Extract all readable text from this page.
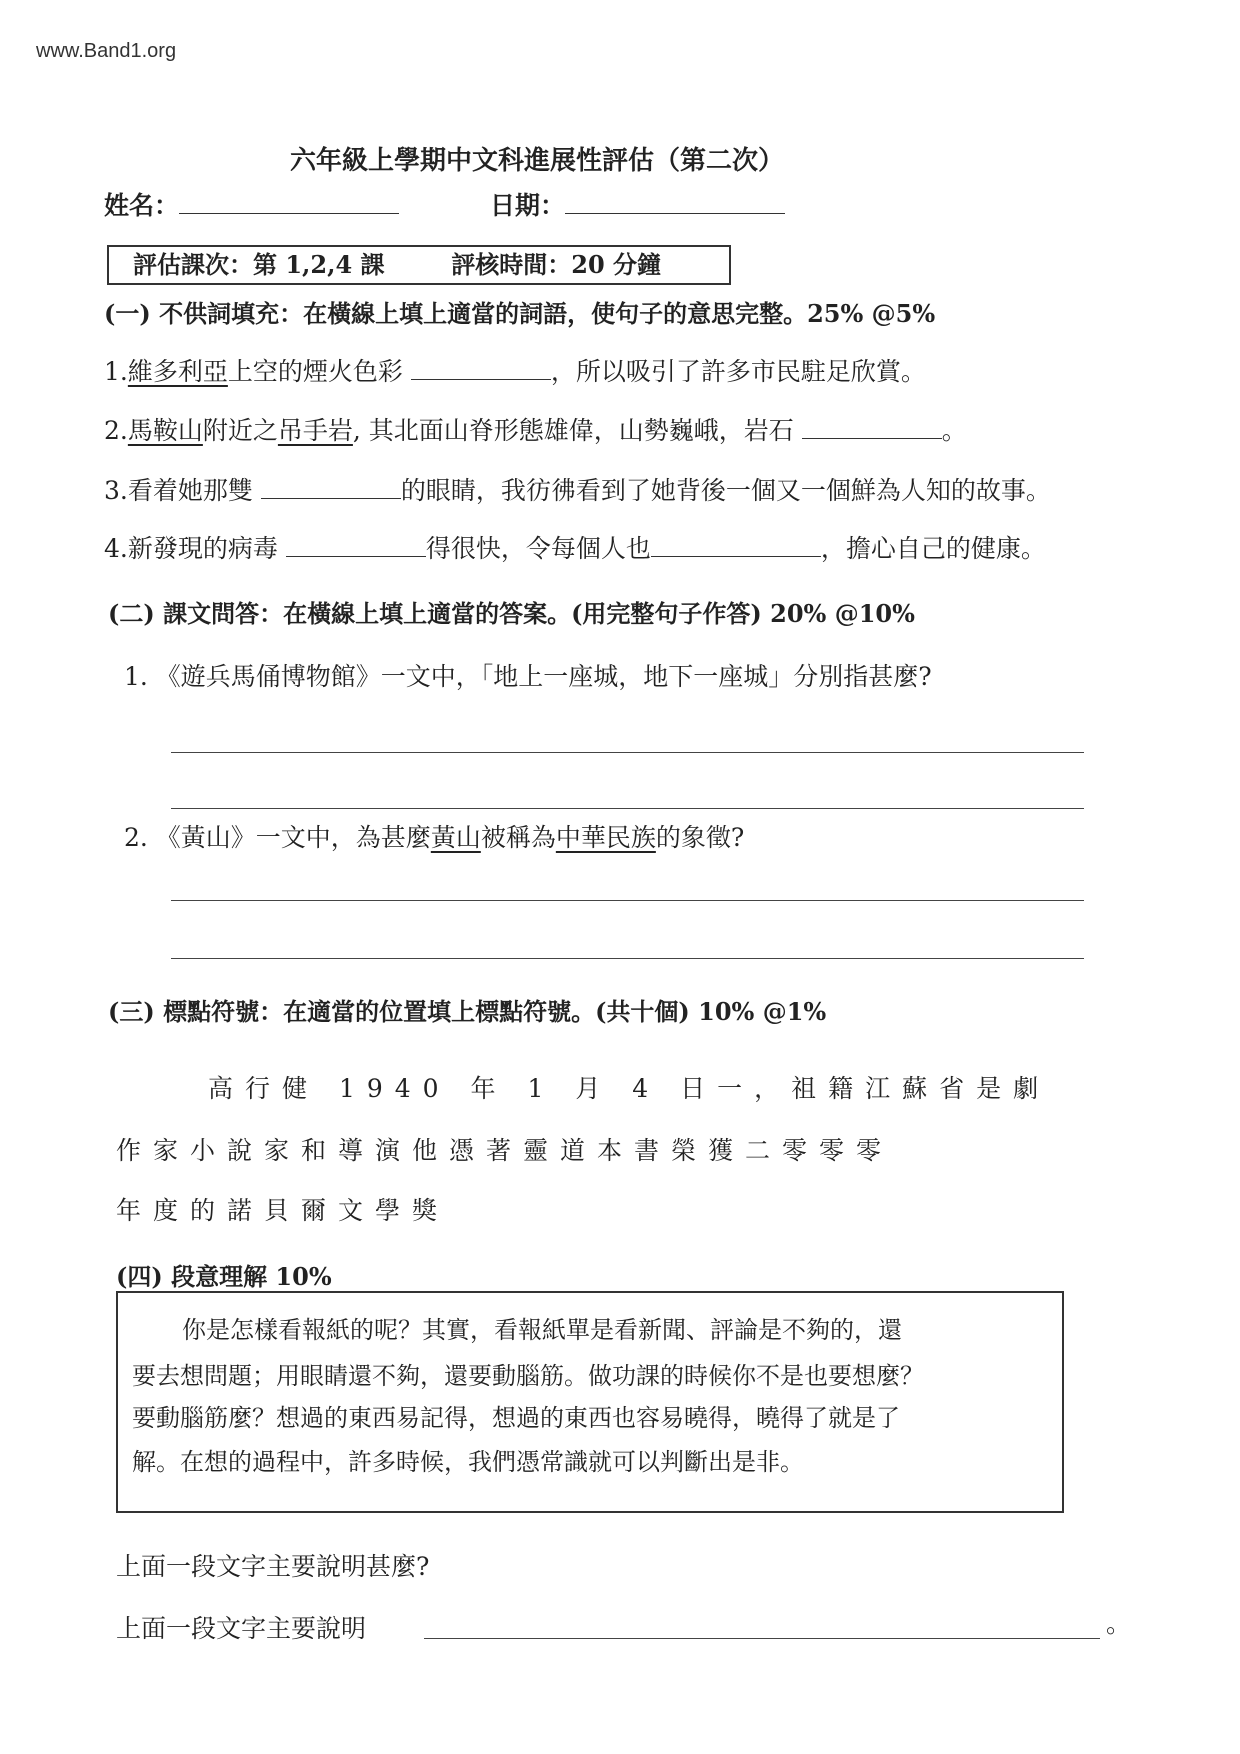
www.Band1.org
六年級上學期中文科進展性評估（第二次）
姓名：	日期：
評估課次：第 1,2,4 課	評核時間：20 分鐘
(一) 不供詞填充：在橫線上填上適當的詞語，使句子的意思完整。25% @5%
1.維多利亞上空的煙火色彩	，所以吸引了許多市民駐足欣賞。
2.馬鞍山附近之吊手岩, 其北面山脊形態雄偉，山勢巍峨，岩石	。
3.看着她那雙	的眼睛，我彷彿看到了她背後一個又一個鮮為人知的故事。
4.新發現的病毒	得很快，令每個人也	，擔心自己的健康。
(二) 課文問答：在橫線上填上適當的答案。(用完整句子作答) 20% @10%
1. 《遊兵馬俑博物館》一文中，「地上一座城，地下一座城」分別指甚麼?
2. 《黃山》一文中，為甚麼黃山被稱為中華民族的象徵?
(三) 標點符號：在適當的位置填上標點符號。(共十個) 10% @1%
高行健 1940 年 1 月 4 日一，祖籍江蘇省是劇
作家小說家和導演他憑著靈道本書榮獲二零零零
年度的諾貝爾文學獎
(四) 段意理解 10%
你是怎樣看報紙的呢？其實，看報紙單是看新聞、評論是不夠的，還
要去想問題；用眼睛還不夠，還要動腦筋。做功課的時候你不是也要想麼？
要動腦筋麼？想過的東西易記得，想過的東西也容易曉得，曉得了就是了
解。在想的過程中，許多時候，我們憑常識就可以判斷出是非。
上面一段文字主要說明甚麼?
上面一段文字主要說明	。
